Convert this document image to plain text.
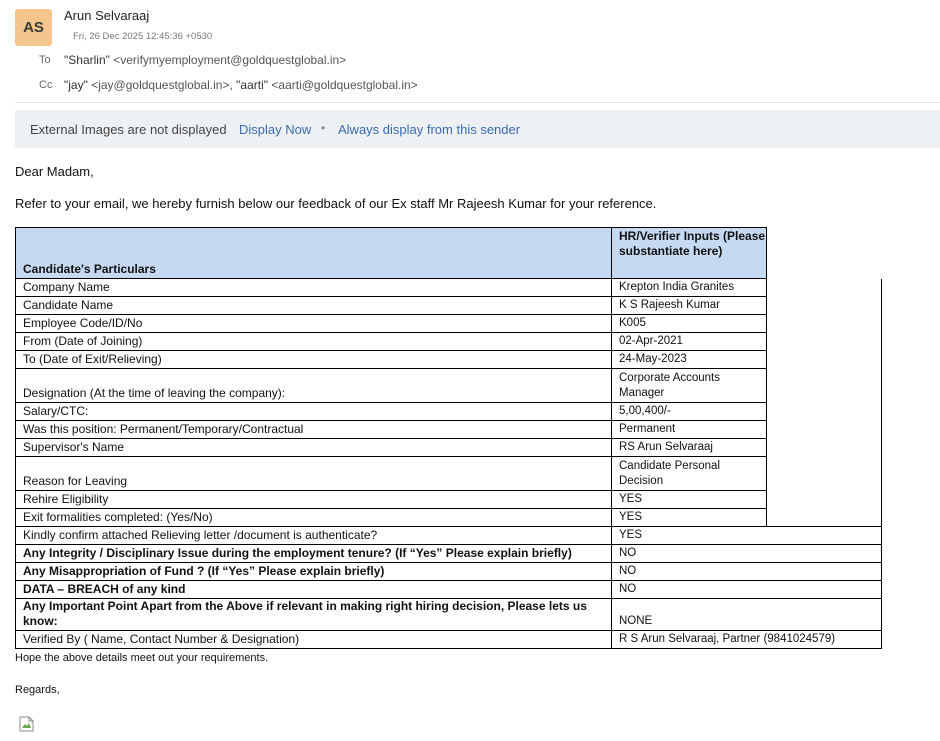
AS
Arun Selvaraaj
Fri, 26 Dec 2025 12:45:36 +0530
To "Sharlin" <verifymyemployment@goldquestglobal.in>
Cc "jay" <jay@goldquestglobal.in>, "aarti" <aarti@goldquestglobal.in>
External Images are not displayed Display Now • Always display from this sender
Dear Madam,
Refer to your email, we hereby furnish below our feedback of our Ex staff Mr Rajeesh Kumar for your reference.
Candidate's Particulars	HR/Verifier Inputs (Please substantiate here)	
Company Name	Krepton India Granites	
Candidate Name	K S Rajeesh Kumar	
Employee Code/ID/No	K005	
From (Date of Joining)	02-Apr-2021	
To (Date of Exit/Relieving)	24-May-2023	
Designation (At the time of leaving the company):	Corporate Accounts Manager	
Salary/CTC:	5,00,400/-	
Was this position: Permanent/Temporary/Contractual	Permanent	
Supervisor's Name	RS Arun Selvaraaj	
Reason for Leaving	Candidate Personal Decision	
Rehire Eligibility	YES	
Exit formalities completed: (Yes/No)	YES	
Kindly confirm attached Relieving letter /document is authenticate?	YES	
Any Integrity / Disciplinary Issue during the employment tenure? (If “Yes” Please explain briefly)	NO	
Any Misappropriation of Fund ? (If “Yes” Please explain briefly)	NO	
DATA – BREACH of any kind	NO	
Any Important Point Apart from the Above if relevant in making right hiring decision, Please lets us know:	NONE	
Verified By ( Name, Contact Number & Designation)	R S Arun Selvaraaj, Partner (9841024579)	
Hope the above details meet out your requirements.
Regards,
